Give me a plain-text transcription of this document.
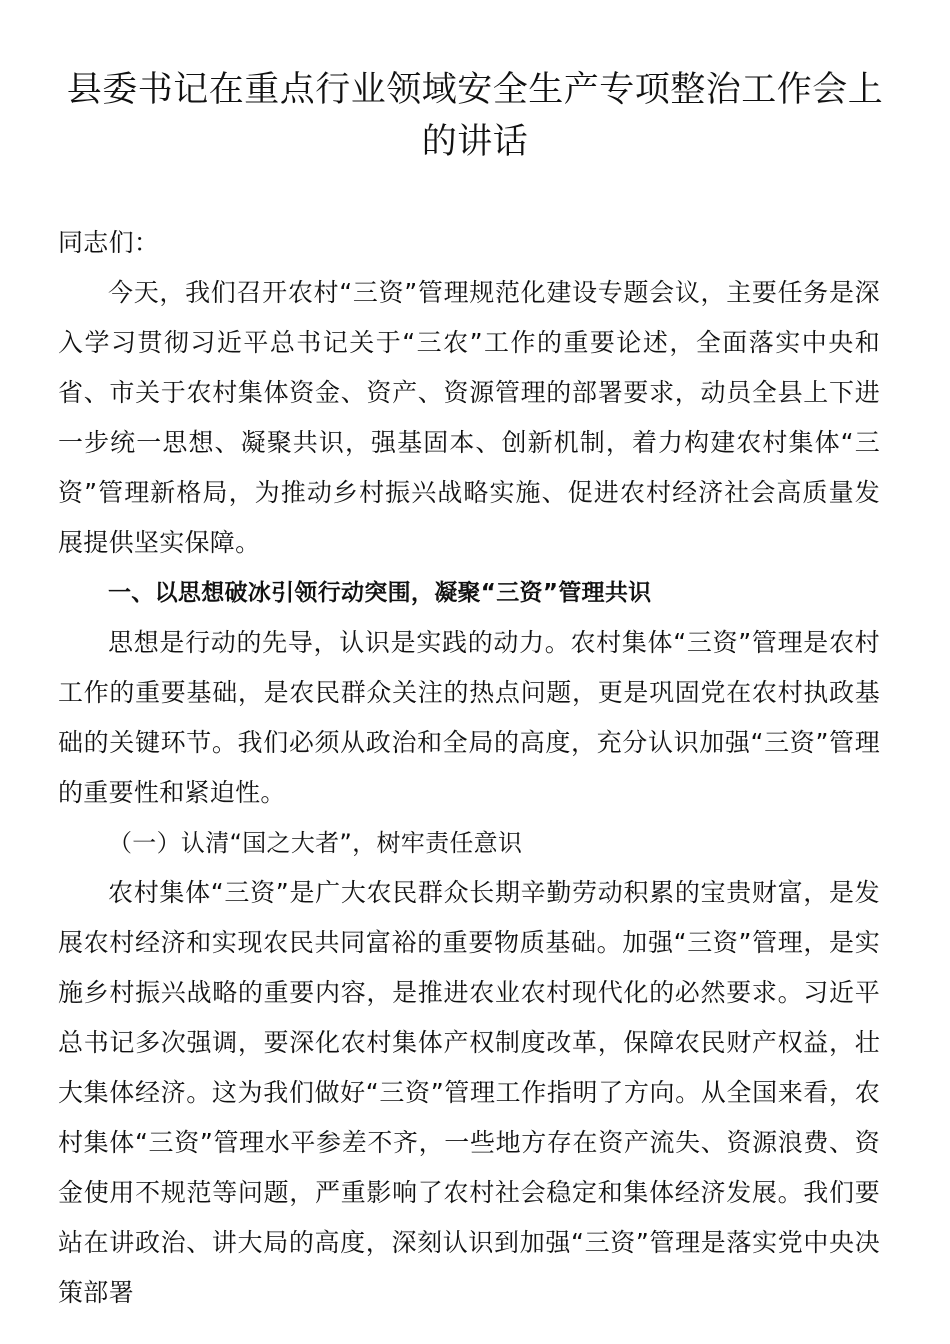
县委书记在重点行业领域安全生产专项整治工作会上的讲话

同志们：

今天，我们召开农村“三资”管理规范化建设专题会议，主要任务是深入学习贯彻习近平总书记关于“三农”工作的重要论述，全面落实中央和省、市关于农村集体资金、资产、资源管理的部署要求，动员全县上下进一步统一思想、凝聚共识，强基固本、创新机制，着力构建农村集体“三资”管理新格局，为推动乡村振兴战略实施、促进农村经济社会高质量发展提供坚实保障。

一、以思想破冰引领行动突围，凝聚“三资”管理共识

思想是行动的先导，认识是实践的动力。农村集体“三资”管理是农村工作的重要基础，是农民群众关注的热点问题，更是巩固党在农村执政基础的关键环节。我们必须从政治和全局的高度，充分认识加强“三资”管理的重要性和紧迫性。

（一）认清“国之大者”，树牢责任意识

农村集体“三资”是广大农民群众长期辛勤劳动积累的宝贵财富，是发展农村经济和实现农民共同富裕的重要物质基础。加强“三资”管理，是实施乡村振兴战略的重要内容，是推进农业农村现代化的必然要求。习近平总书记多次强调，要深化农村集体产权制度改革，保障农民财产权益，壮大集体经济。这为我们做好“三资”管理工作指明了方向。从全国来看，农村集体“三资”管理水平参差不齐，一些地方存在资产流失、资源浪费、资金使用不规范等问题，严重影响了农村社会稳定和集体经济发展。我们要站在讲政治、讲大局的高度，深刻认识到加强“三资”管理是落实党中央决策部署
